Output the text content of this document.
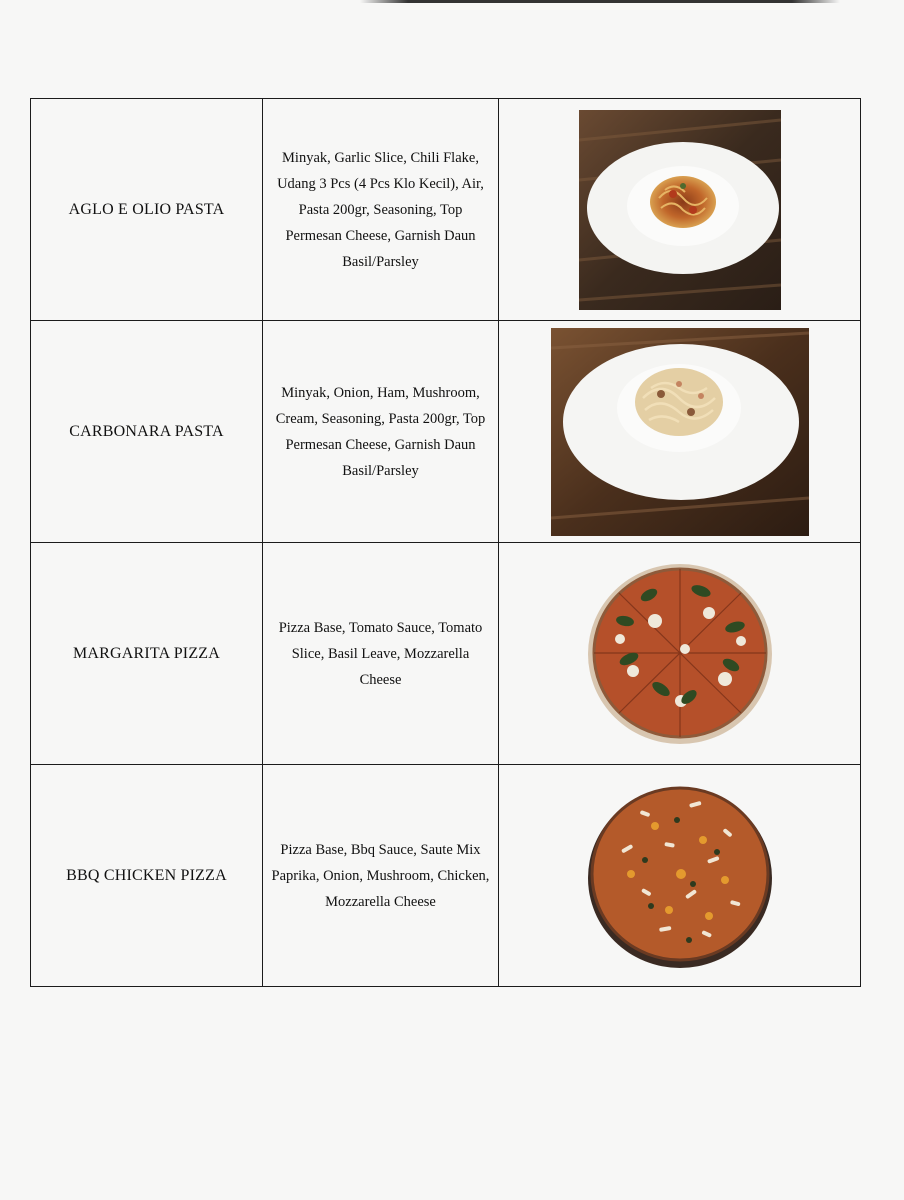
AGLO E OLIO PASTA	Minyak, Garlic Slice, Chili Flake, Udang 3 Pcs (4 Pcs Klo Kecil), Air, Pasta 200gr, Seasoning, Top Permesan Cheese, Garnish Daun Basil/Parsley

CARBONARA PASTA	Minyak, Onion, Ham, Mushroom, Cream, Seasoning, Pasta 200gr, Top Permesan Cheese, Garnish Daun Basil/Parsley

MARGARITA PIZZA	Pizza Base, Tomato Sauce, Tomato Slice, Basil Leave, Mozzarella Cheese

BBQ CHICKEN PIZZA	Pizza Base, Bbq Sauce, Saute Mix Paprika, Onion, Mushroom, Chicken, Mozzarella Cheese
